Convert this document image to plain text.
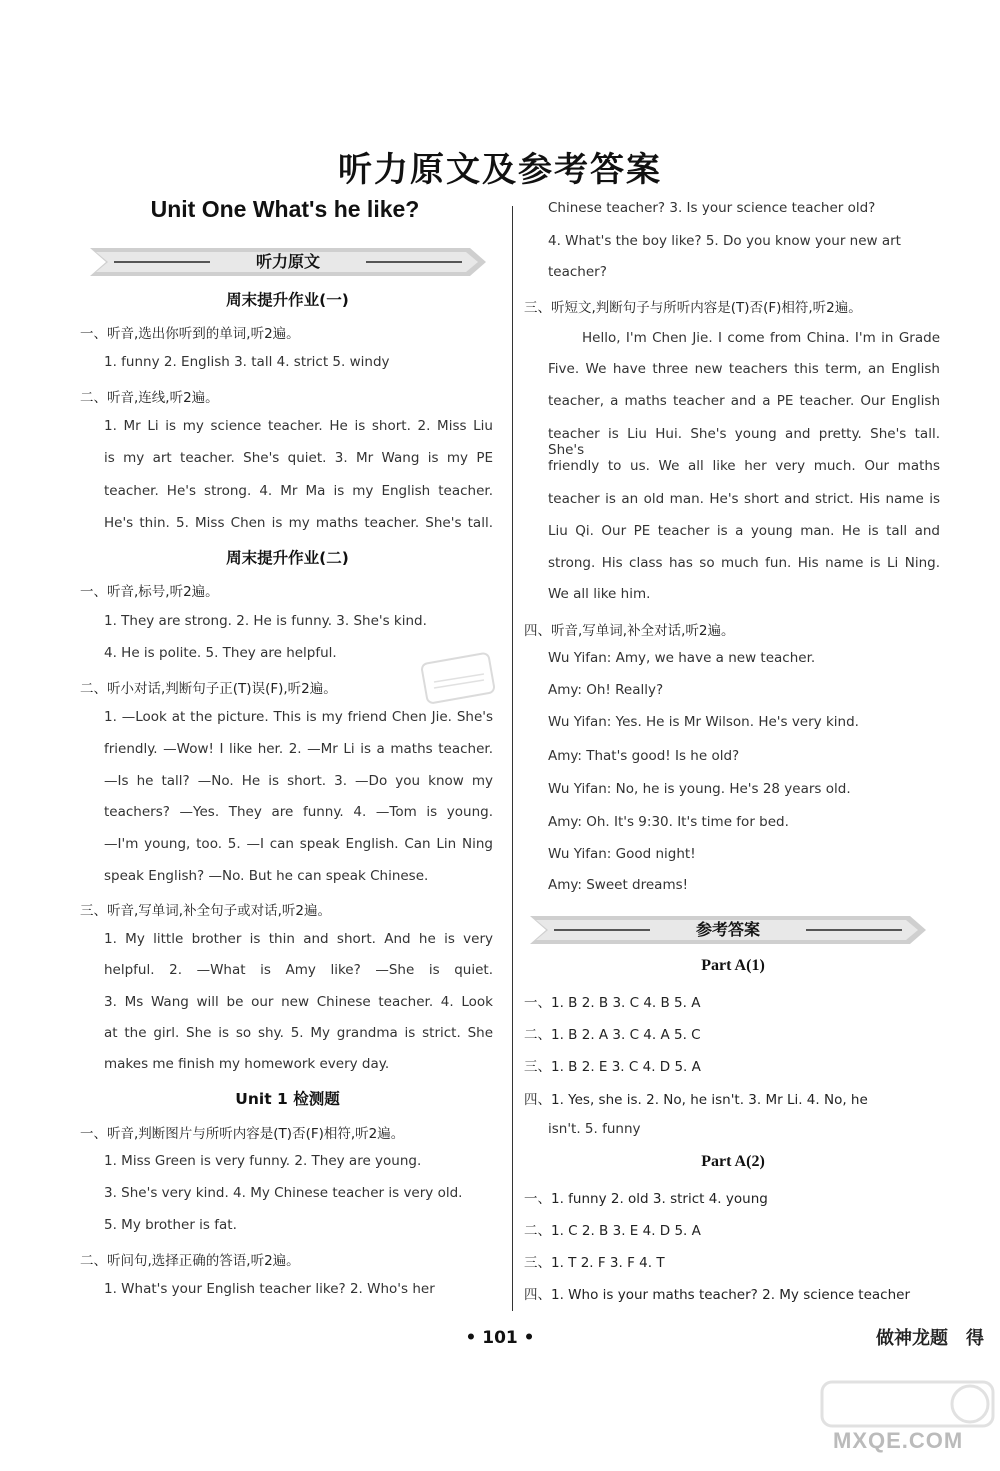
听力原文及参考答案
Unit One What's he like?
听力原文
参考答案
周末提升作业(一)
一、听音,选出你听到的单词,听2遍。
1. funny 2. English 3. tall 4. strict 5. windy
二、听音,连线,听2遍。
1. Mr Li is my science teacher. He is short. 2. Miss Liu
is my art teacher. She's quiet. 3. Mr Wang is my PE
teacher. He's strong. 4. Mr Ma is my English teacher.
He's thin. 5. Miss Chen is my maths teacher. She's tall.
周末提升作业(二)
一、听音,标号,听2遍。
1. They are strong. 2. He is funny. 3. She's kind.
4. He is polite. 5. They are helpful.
二、听小对话,判断句子正(T)误(F),听2遍。
1. —Look at the picture. This is my friend Chen Jie. She's
friendly. —Wow! I like her. 2. —Mr Li is a maths teacher.
—Is he tall? —No. He is short. 3. —Do you know my
teachers? —Yes. They are funny. 4. —Tom is young.
—I'm young, too. 5. —I can speak English. Can Lin Ning
speak English? —No. But he can speak Chinese.
三、听音,写单词,补全句子或对话,听2遍。
1. My little brother is thin and short. And he is very
helpful. 2. —What is Amy like? —She is quiet.
3. Ms Wang will be our new Chinese teacher. 4. Look
at the girl. She is so shy. 5. My grandma is strict. She
makes me finish my homework every day.
Unit 1 检测题
一、听音,判断图片与所听内容是(T)否(F)相符,听2遍。
1. Miss Green is very funny. 2. They are young.
3. She's very kind. 4. My Chinese teacher is very old.
5. My brother is fat.
二、听问句,选择正确的答语,听2遍。
1. What's your English teacher like? 2. Who's her
Chinese teacher? 3. Is your science teacher old?
4. What's the boy like? 5. Do you know your new art
teacher?
三、听短文,判断句子与所听内容是(T)否(F)相符,听2遍。
Hello, I'm Chen Jie. I come from China. I'm in Grade
Five. We have three new teachers this term, an English
teacher, a maths teacher and a PE teacher. Our English
teacher is Liu Hui. She's young and pretty. She's tall. She's
friendly to us. We all like her very much. Our maths
teacher is an old man. He's short and strict. His name is
Liu Qi. Our PE teacher is a young man. He is tall and
strong. His class has so much fun. His name is Li Ning.
We all like him.
四、听音,写单词,补全对话,听2遍。
Wu Yifan: Amy, we have a new teacher.
Amy: Oh! Really?
Wu Yifan: Yes. He is Mr Wilson. He's very kind.
Amy: That's good! Is he old?
Wu Yifan: No, he is young. He's 28 years old.
Amy: Oh. It's 9:30. It's time for bed.
Wu Yifan: Good night!
Amy: Sweet dreams!
Part A(1)
一、1. B 2. B 3. C 4. B 5. A
二、1. B 2. A 3. C 4. A 5. C
三、1. B 2. E 3. C 4. D 5. A
四、1. Yes, she is. 2. No, he isn't. 3. Mr Li. 4. No, he
isn't. 5. funny
Part A(2)
一、1. funny 2. old 3. strict 4. young
二、1. C 2. B 3. E 4. D 5. A
三、1. T 2. F 3. F 4. T
四、1. Who is your maths teacher? 2. My science teacher
• 101 •	做神龙题　得
MXQE.COM
